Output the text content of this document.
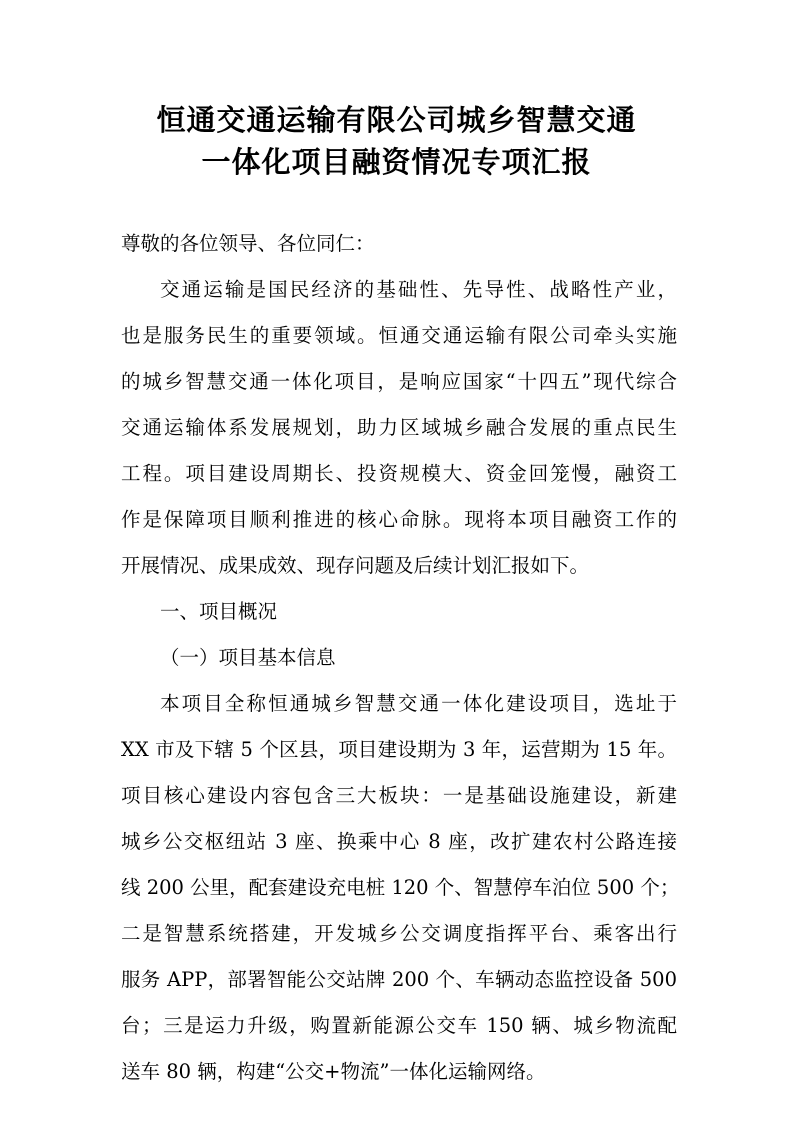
恒通交通运输有限公司城乡智慧交通
一体化项目融资情况专项汇报

尊敬的各位领导、各位同仁：

交通运输是国民经济的基础性、先导性、战略性产业，
也是服务民生的重要领域。恒通交通运输有限公司牵头实施
的城乡智慧交通一体化项目，是响应国家“十四五”现代综合
交通运输体系发展规划，助力区域城乡融合发展的重点民生
工程。项目建设周期长、投资规模大、资金回笼慢，融资工
作是保障项目顺利推进的核心命脉。现将本项目融资工作的
开展情况、成果成效、现存问题及后续计划汇报如下。

一、项目概况

（一）项目基本信息

本项目全称恒通城乡智慧交通一体化建设项目，选址于
XX 市及下辖 5 个区县，项目建设期为 3 年，运营期为 15 年。
项目核心建设内容包含三大板块：一是基础设施建设，新建
城乡公交枢纽站 3 座、换乘中心 8 座，改扩建农村公路连接
线 200 公里，配套建设充电桩 120 个、智慧停车泊位 500 个；
二是智慧系统搭建，开发城乡公交调度指挥平台、乘客出行
服务 APP，部署智能公交站牌 200 个、车辆动态监控设备 500
台；三是运力升级，购置新能源公交车 150 辆、城乡物流配
送车 80 辆，构建“公交+物流”一体化运输网络。
